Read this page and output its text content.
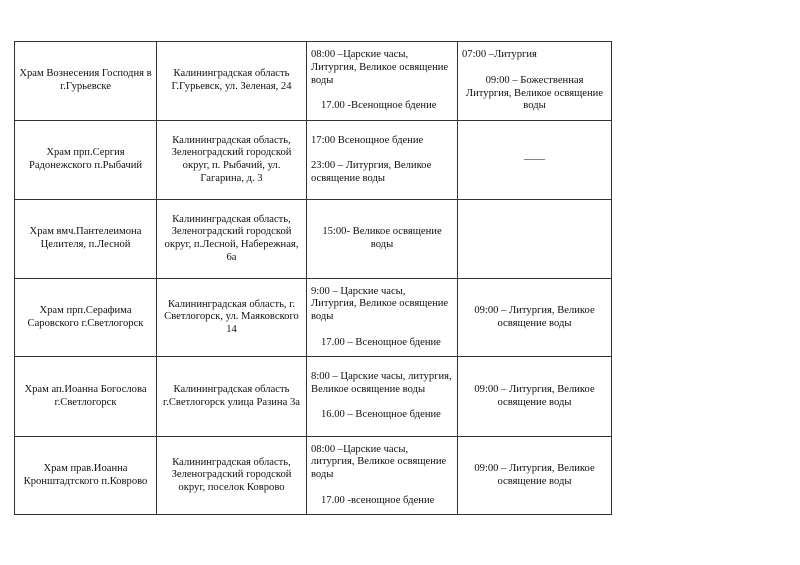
Храм Вознесения Господня в г.Гурьевске	Калининградская область Г.Гурьевск, ул. Зеленая, 24	08:00 –Царские часы, Литургия, Великое освящение воды
17.00 -Всенощное бдение	07:00 –Литургия
09:00 – Божественная Литургия, Великое освящение воды

Храм прп.Сергия Радонежского п.Рыбачий	Калининградская область, Зеленоградский городской округ, п. Рыбачий, ул. Гагарина, д. 3	17:00 Всенощное бдение
23:00 – Литургия, Великое освящение воды	——

Храм вмч.Пантелеимона Целителя, п.Лесной	Калининградская область, Зеленоградский городской округ, п.Лесной, Набережная, 6а	15:00- Великое освящение воды	

Храм прп.Серафима Саровского г.Светлогорск	Калининградская область, г. Светлогорск, ул. Маяковского 14	9:00 – Царские часы, Литургия, Великое освящение воды
17.00 – Всенощное бдение	09:00 – Литургия, Великое освящение воды

Храм ап.Иоанна Богослова г.Светлогорск	Калининградская область г.Светлогорск улица Разина 3а	8:00 – Царские часы, литургия, Великое освящение воды
16.00 – Всенощное бдение	09:00 – Литургия, Великое освящение воды

Храм прав.Иоанна Кронштадтского п.Коврово	Калининградская область, Зеленоградский городской округ, поселок Коврово	08:00 –Царские часы, литургия, Великое освящение воды
17.00 -всенощное бдение	09:00 – Литургия, Великое освящение воды
